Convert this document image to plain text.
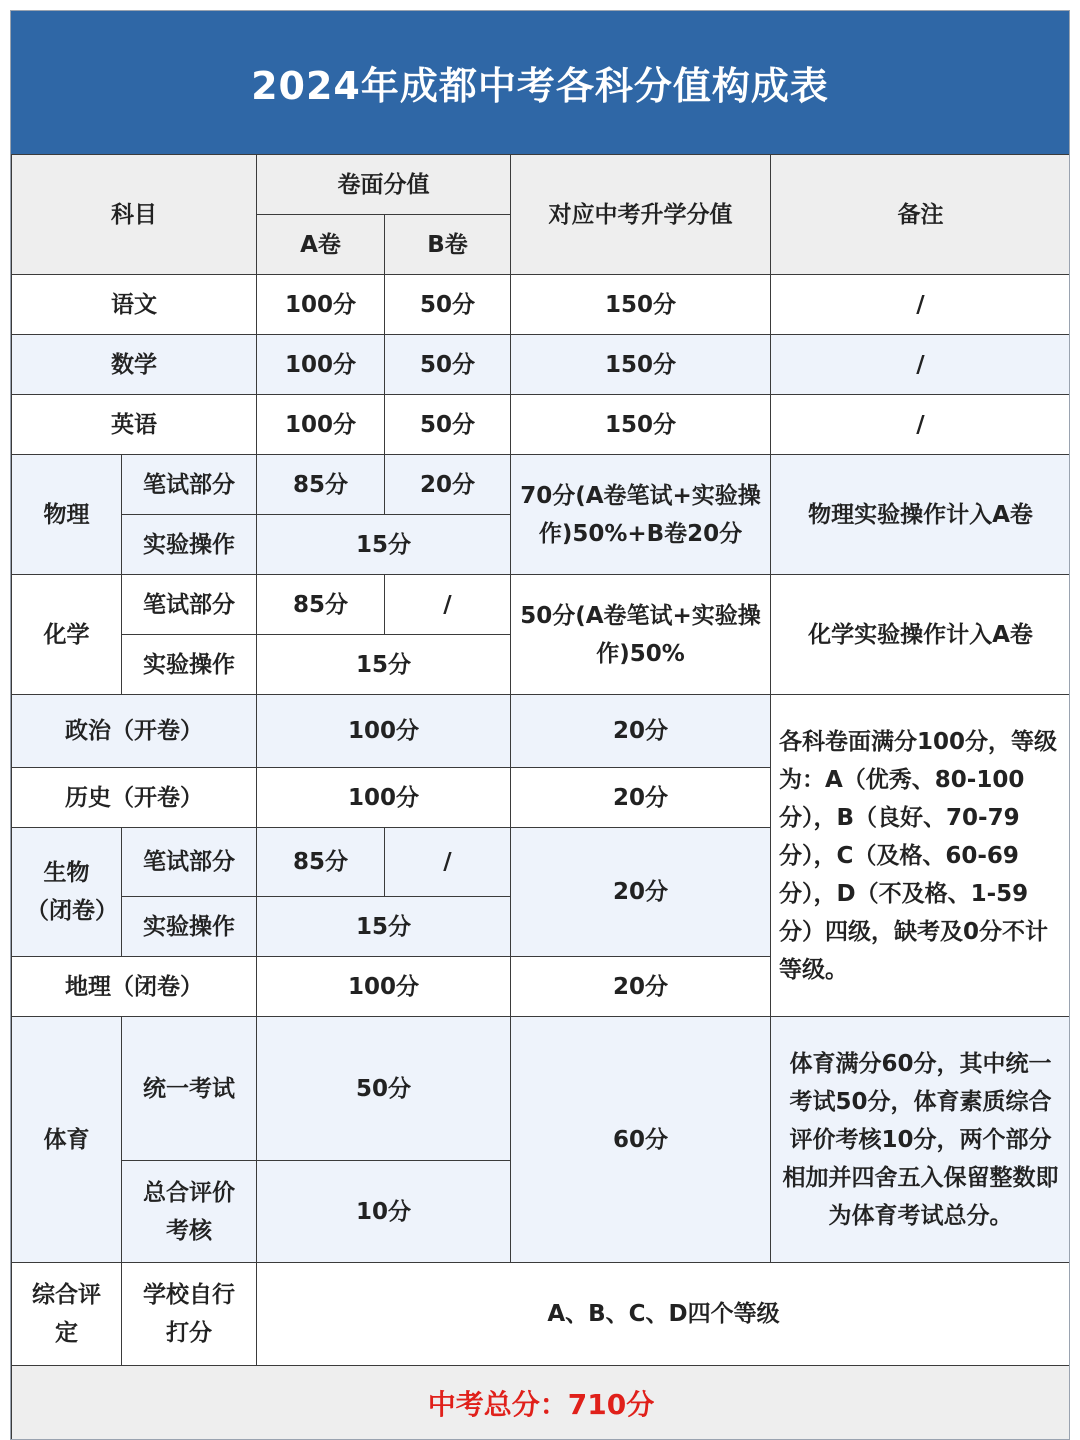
2024年成都中考各科分值构成表
科目		卷面分值		对应中考升学分值	备注
		A卷	B卷		
语文		100分	50分	150分	/
数学		100分	50分	150分	/
英语		100分	50分	150分	/
物理	笔试部分	85分	20分	70分(A卷笔试+实验操作)50%+B卷20分	物理实验操作计入A卷
	实验操作	15分			
化学	笔试部分	85分	/	50分(A卷笔试+实验操作)50%	化学实验操作计入A卷
	实验操作	15分			
政治（开卷）		100分		20分	各科卷面满分100分，等级为：A（优秀、80-100分），B（良好、70-79分），C（及格、60-69分），D（不及格、1-59分）四级，缺考及0分不计等级。
历史（开卷）		100分		20分	
生物（闭卷）	笔试部分	85分	/	20分	
	实验操作	15分			
地理（闭卷）		100分		20分	
体育	统一考试	50分		60分	体育满分60分，其中统一考试50分，体育素质综合评价考核10分，两个部分相加并四舍五入保留整数即为体育考试总分。
	总合评价考核	10分			
综合评定	学校自行打分	A、B、C、D四个等级			
中考总分：710分					
